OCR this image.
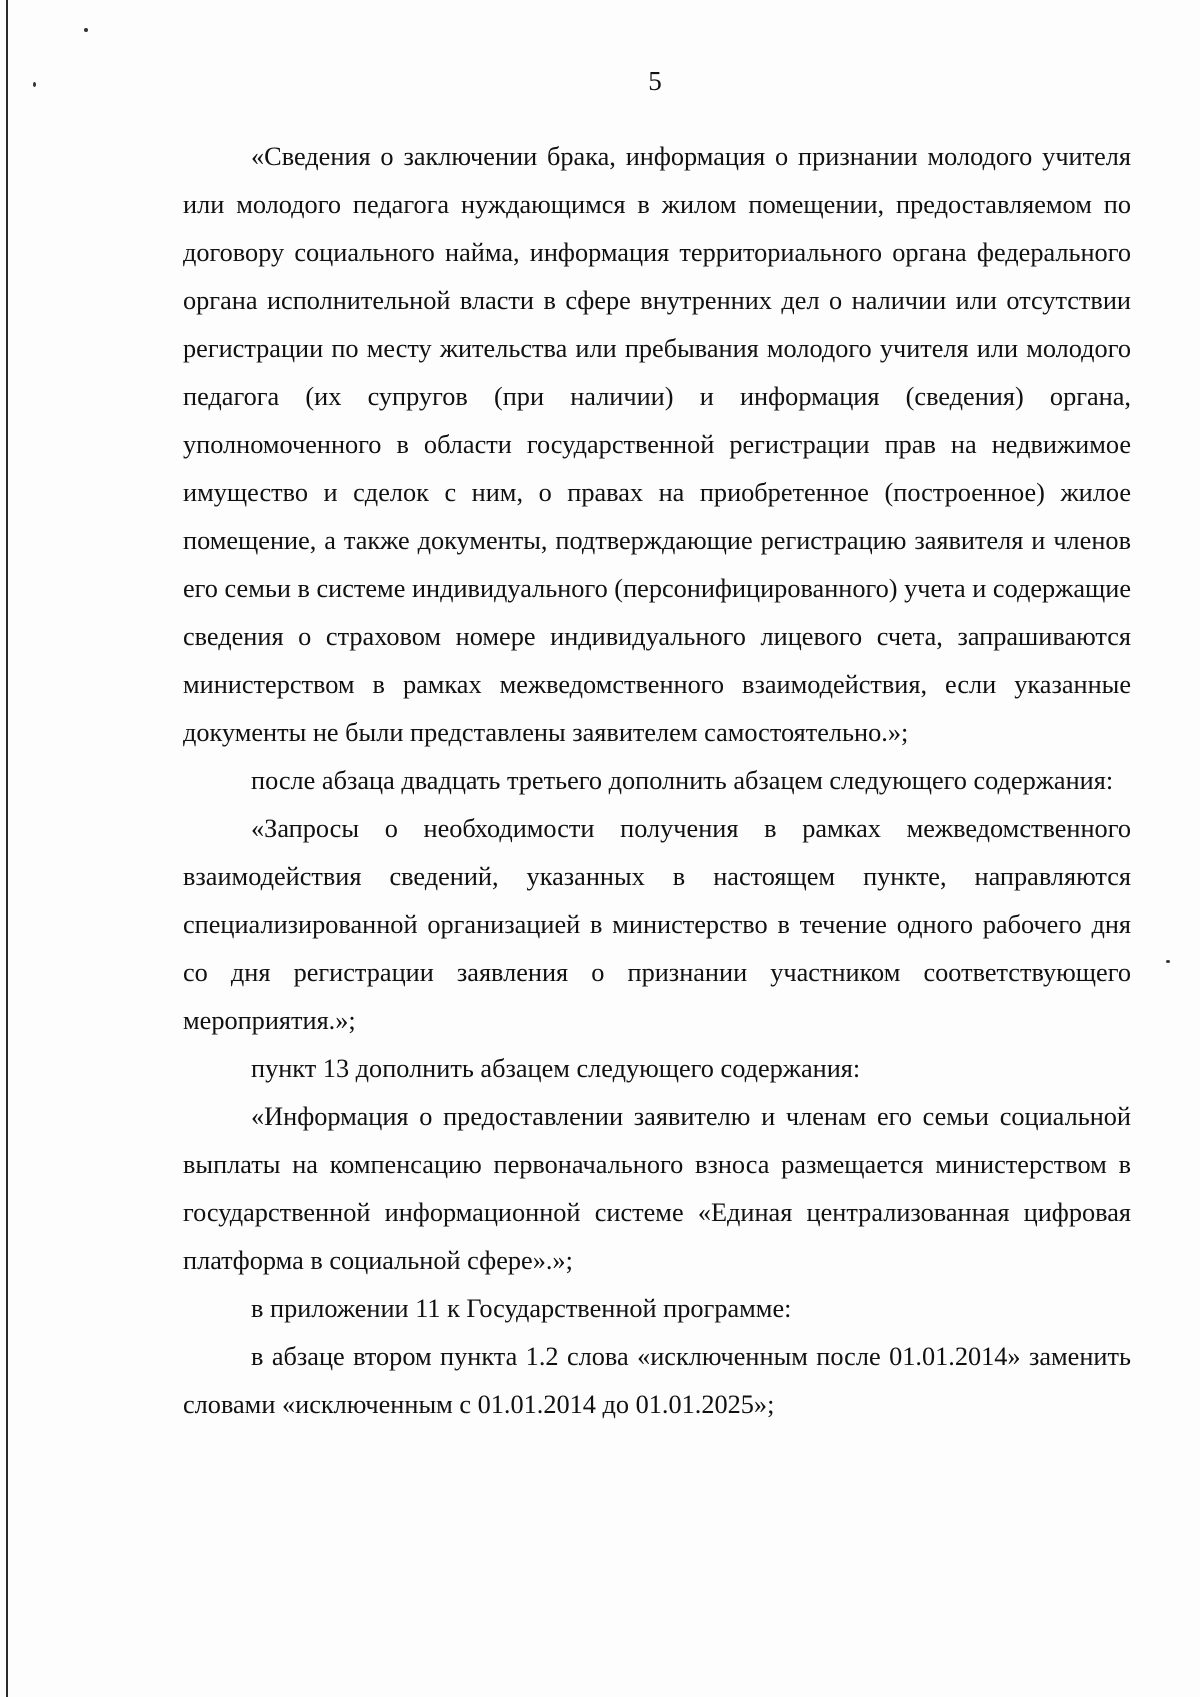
5

«Сведения о заключении брака, информация о признании молодого учителя или молодого педагога нуждающимся в жилом помещении, предоставляемом по договору социального найма, информация территориального органа федерального органа исполнительной власти в сфере внутренних дел о наличии или отсутствии регистрации по месту жительства или пребывания молодого учителя или молодого педагога (их супругов (при наличии) и информация (сведения) органа, уполномоченного в области государственной регистрации прав на недвижимое имущество и сделок с ним, о правах на приобретенное (построенное) жилое помещение, а также документы, подтверждающие регистрацию заявителя и членов его семьи в системе индивидуального (персонифицированного) учета и содержащие сведения о страховом номере индивидуального лицевого счета, запрашиваются министерством в рамках межведомственного взаимодействия, если указанные документы не были представлены заявителем самостоятельно.»;

после абзаца двадцать третьего дополнить абзацем следующего содержания:

«Запросы о необходимости получения в рамках межведомственного взаимодействия сведений, указанных в настоящем пункте, направляются специализированной организацией в министерство в течение одного рабочего дня со дня регистрации заявления о признании участником соответствующего мероприятия.»;

пункт 13 дополнить абзацем следующего содержания:

«Информация о предоставлении заявителю и членам его семьи социальной выплаты на компенсацию первоначального взноса размещается министерством в государственной информационной системе «Единая централизованная цифровая платформа в социальной сфере».»;

в приложении 11 к Государственной программе:

в абзаце втором пункта 1.2 слова «исключенным после 01.01.2014» заменить словами «исключенным с 01.01.2014 до 01.01.2025»;
